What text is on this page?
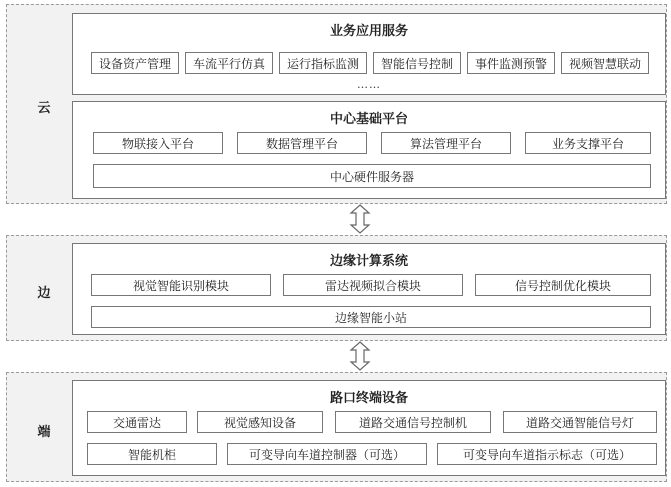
云
业务应用服务
设备资产管理	车流平行仿真	运行指标监测	智能信号控制	事件监测预警	视频智慧联动
……
中心基础平台
物联接入平台	数据管理平台	算法管理平台	业务支撑平台
中心硬件服务器
边
边缘计算系统
视觉智能识别模块	雷达视频拟合模块	信号控制优化模块
边缘智能小站
端
路口终端设备
交通雷达	视觉感知设备	道路交通信号控制机	道路交通智能信号灯
智能机柜	可变导向车道控制器（可选）	可变导向车道指示标志（可选）
